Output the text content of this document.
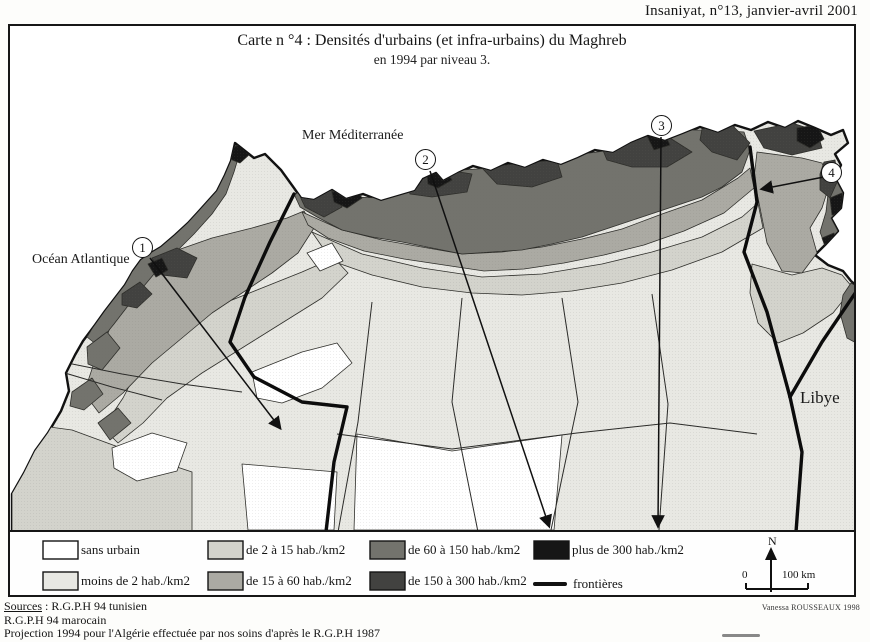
Insaniyat, n°13, janvier-avril 2001
Carte n °4 : Densités d'urbains (et infra-urbains) du Maghreb
en 1994 par niveau 3.
Mer Méditerranée
Océan Atlantique
Libye
1
2
3
4
sans urbain
moins de 2 hab./km2
de 2 à 15 hab./km2
de 15 à 60 hab./km2
de 60 à 150 hab./km2
de 150 à 300 hab./km2
plus de 300 hab./km2
frontières
N
0	100 km
Sources : R.G.P.H 94 tunisien
R.G.P.H 94 marocain
Projection 1994 pour l'Algérie effectuée par nos soins d'après le R.G.P.H 1987
Vanessa ROUSSEAUX 1998
